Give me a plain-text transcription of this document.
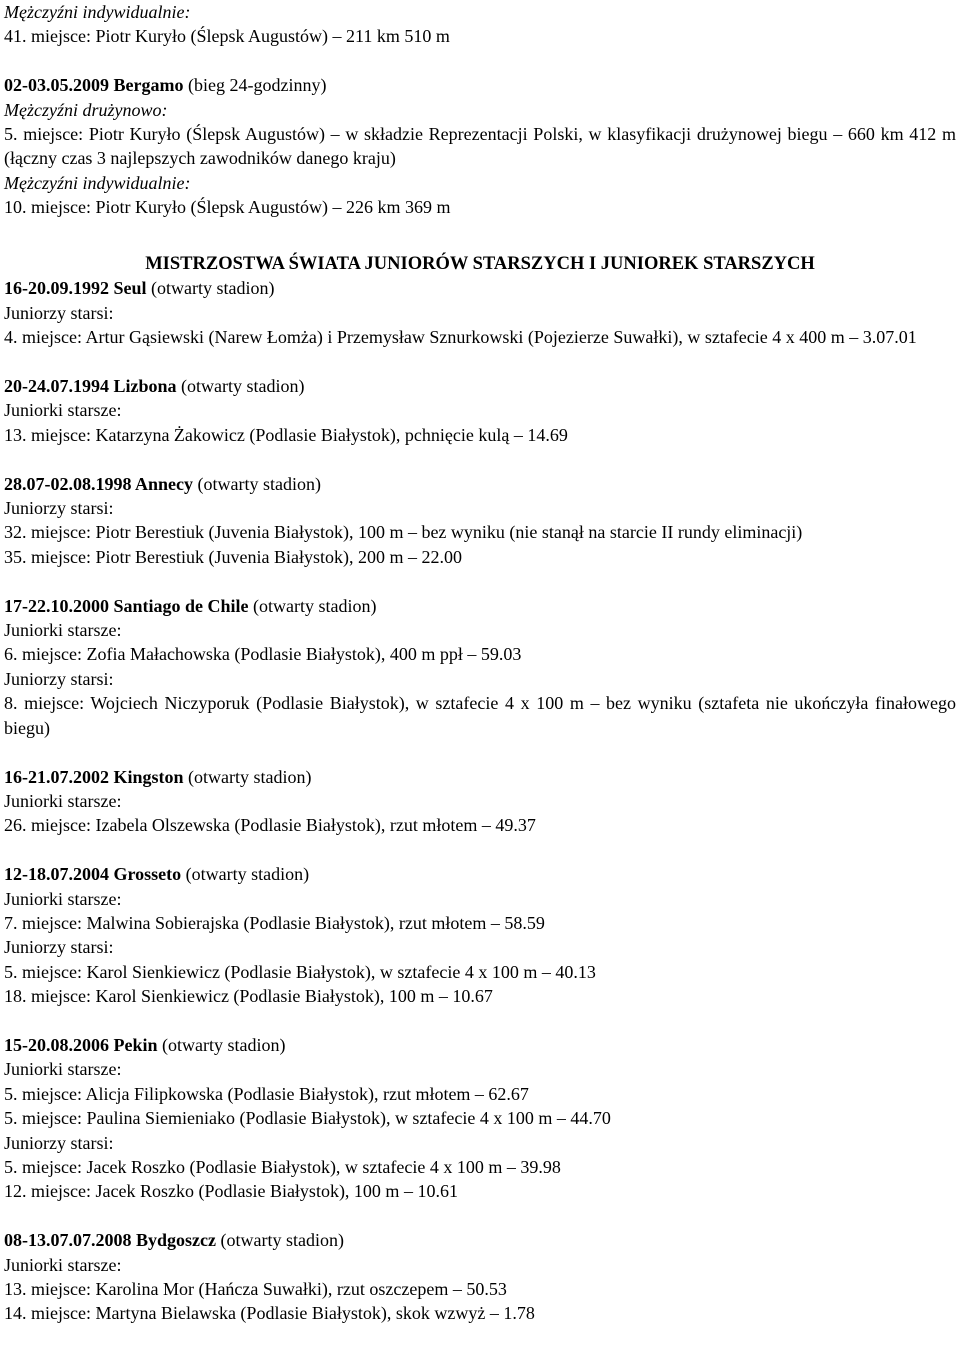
Mężczyźni indywidualnie:

41. miejsce: Piotr Kuryło (Ślepsk Augustów) – 211 km 510 m

02-03.05.2009 Bergamo (bieg 24-godzinny)

Mężczyźni drużynowo:

5. miejsce: Piotr Kuryło (Ślepsk Augustów) – w składzie Reprezentacji Polski, w klasyfikacji drużynowej biegu – 660 km 412 m (łączny czas 3 najlepszych zawodników danego kraju)

Mężczyźni indywidualnie:

10. miejsce: Piotr Kuryło (Ślepsk Augustów) – 226 km 369 m

MISTRZOSTWA ŚWIATA JUNIORÓW STARSZYCH I JUNIOREK STARSZYCH

16-20.09.1992 Seul (otwarty stadion)

Juniorzy starsi:

4. miejsce: Artur Gąsiewski (Narew Łomża) i Przemysław Sznurkowski (Pojezierze Suwałki), w sztafecie 4 x 400 m – 3.07.01

20-24.07.1994 Lizbona (otwarty stadion)

Juniorki starsze:

13. miejsce: Katarzyna Żakowicz (Podlasie Białystok), pchnięcie kulą – 14.69

28.07-02.08.1998 Annecy (otwarty stadion)

Juniorzy starsi:

32. miejsce: Piotr Berestiuk (Juvenia Białystok), 100 m – bez wyniku (nie stanął na starcie II rundy eliminacji)

35. miejsce: Piotr Berestiuk (Juvenia Białystok), 200 m – 22.00

17-22.10.2000 Santiago de Chile (otwarty stadion)

Juniorki starsze:

6. miejsce: Zofia Małachowska (Podlasie Białystok), 400 m ppł – 59.03

Juniorzy starsi:

8. miejsce: Wojciech Niczyporuk (Podlasie Białystok), w sztafecie 4 x 100 m – bez wyniku (sztafeta nie ukończyła finałowego biegu)

16-21.07.2002 Kingston (otwarty stadion)

Juniorki starsze:

26. miejsce: Izabela Olszewska (Podlasie Białystok), rzut młotem – 49.37

12-18.07.2004 Grosseto (otwarty stadion)

Juniorki starsze:

7. miejsce: Malwina Sobierajska (Podlasie Białystok), rzut młotem – 58.59

Juniorzy starsi:

5. miejsce: Karol Sienkiewicz (Podlasie Białystok), w sztafecie 4 x 100 m – 40.13

18. miejsce: Karol Sienkiewicz (Podlasie Białystok), 100 m – 10.67

15-20.08.2006 Pekin (otwarty stadion)

Juniorki starsze:

5. miejsce: Alicja Filipkowska (Podlasie Białystok), rzut młotem – 62.67

5. miejsce: Paulina Siemieniako (Podlasie Białystok), w sztafecie 4 x 100 m – 44.70

Juniorzy starsi:

5. miejsce: Jacek Roszko (Podlasie Białystok), w sztafecie 4 x 100 m – 39.98

12. miejsce: Jacek Roszko (Podlasie Białystok), 100 m – 10.61

08-13.07.07.2008 Bydgoszcz (otwarty stadion)

Juniorki starsze:

13. miejsce: Karolina Mor (Hańcza Suwałki), rzut oszczepem – 50.53

14. miejsce: Martyna Bielawska (Podlasie Białystok), skok wzwyż – 1.78
